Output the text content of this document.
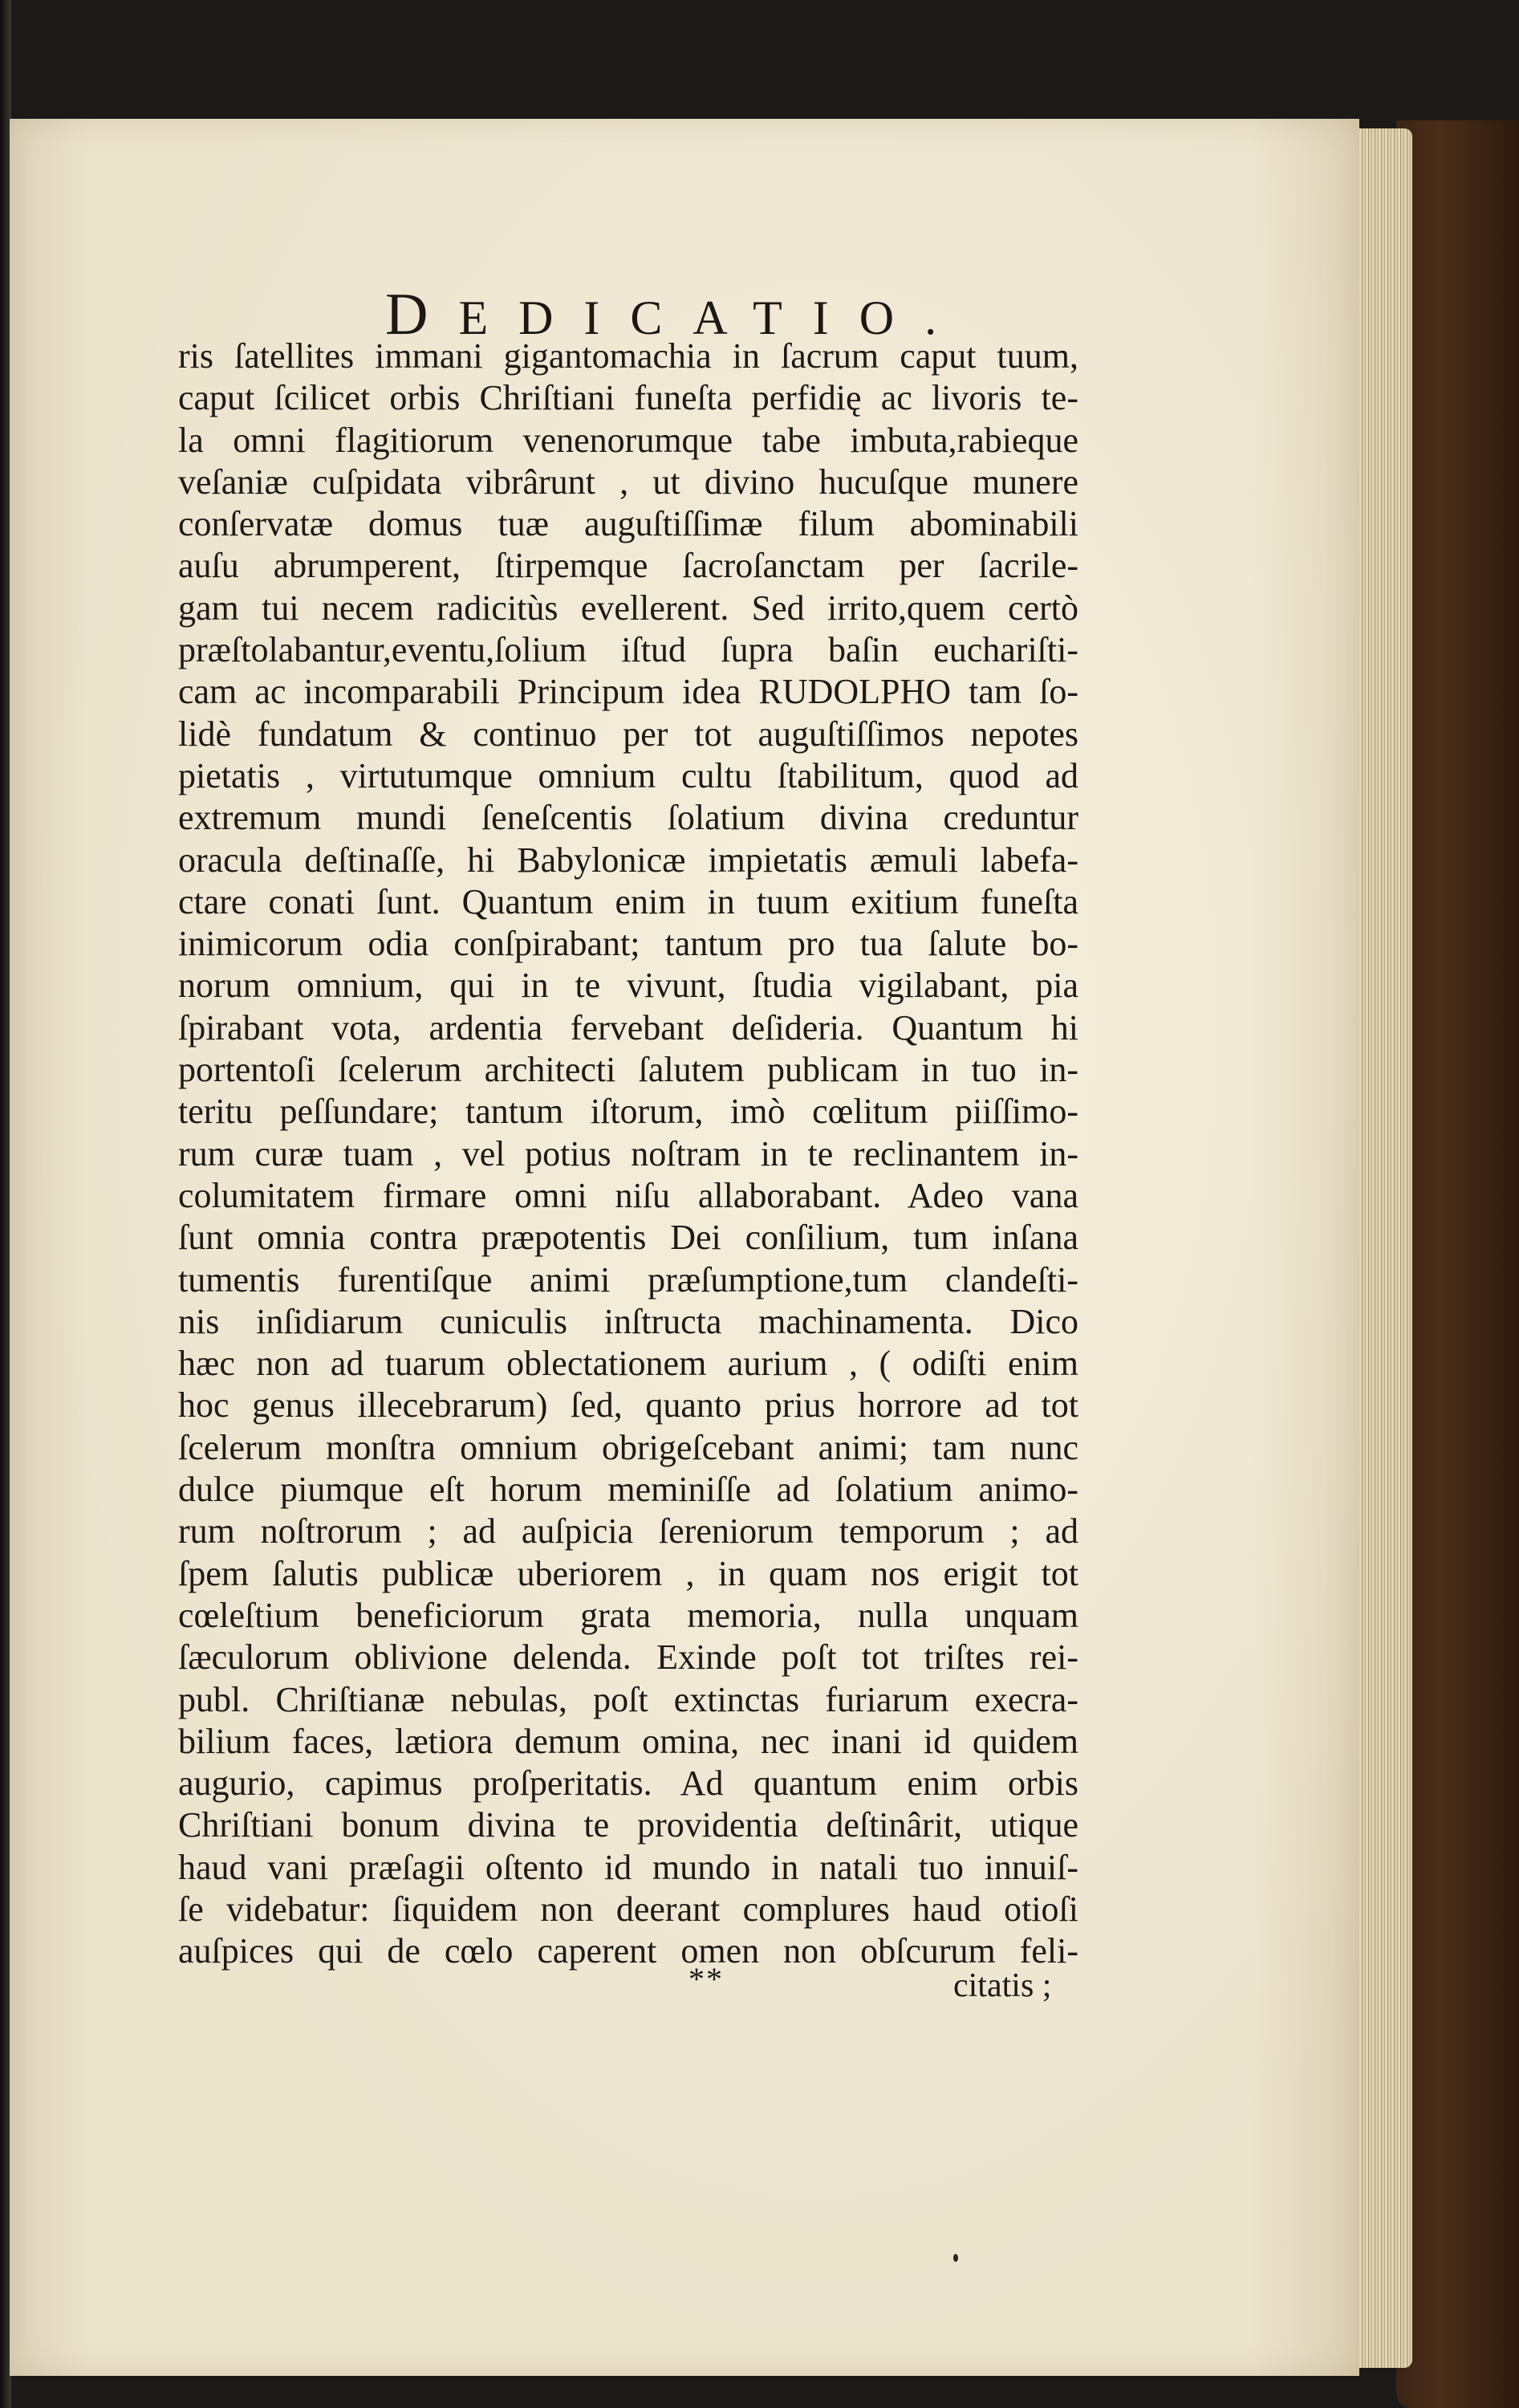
DEDICATIO.
ris ſatellites immani gigantomachia in ſacrum caput tuum,
caput ſcilicet orbis Chriſtiani funeſta perfidię ac livoris te-
la omni flagitiorum venenorumque tabe imbuta,rabieque
veſaniæ cuſpidata vibrârunt , ut divino hucuſque munere
conſervatæ domus tuæ auguſtiſſimæ filum abominabili
auſu abrumperent, ſtirpemque ſacroſanctam per ſacrile-
gam tui necem radicitùs evellerent. Sed irrito,quem certò
præſtolabantur,eventu,ſolium iſtud ſupra baſin euchariſti-
cam ac incomparabili Principum idea RUDOLPHO tam ſo-
lidè fundatum & continuo per tot auguſtiſſimos nepotes
pietatis , virtutumque omnium cultu ſtabilitum, quod ad
extremum mundi ſeneſcentis ſolatium divina creduntur
oracula deſtinaſſe, hi Babylonicæ impietatis æmuli labefa-
ctare conati ſunt. Quantum enim in tuum exitium funeſta
inimicorum odia conſpirabant; tantum pro tua ſalute bo-
norum omnium, qui in te vivunt, ſtudia vigilabant, pia
ſpirabant vota, ardentia fervebant deſideria. Quantum hi
portentoſi ſcelerum architecti ſalutem publicam in tuo in-
teritu peſſundare; tantum iſtorum, imò cœlitum piiſſimo-
rum curæ tuam , vel potius noſtram in te reclinantem in-
columitatem firmare omni niſu allaborabant. Adeo vana
ſunt omnia contra præpotentis Dei conſilium, tum inſana
tumentis furentiſque animi præſumptione,tum clandeſti-
nis inſidiarum cuniculis inſtructa machinamenta. Dico
hæc non ad tuarum oblectationem aurium , ( odiſti enim
hoc genus illecebrarum) ſed, quanto prius horrore ad tot
ſcelerum monſtra omnium obrigeſcebant animi; tam nunc
dulce piumque eſt horum meminiſſe ad ſolatium animo-
rum noſtrorum ; ad auſpicia ſereniorum temporum ; ad
ſpem ſalutis publicæ uberiorem , in quam nos erigit tot
cœleſtium beneficiorum grata memoria, nulla unquam
ſæculorum oblivione delenda. Exinde poſt tot triſtes rei-
publ. Chriſtianæ nebulas, poſt extinctas furiarum execra-
bilium faces, lætiora demum omina, nec inani id quidem
augurio, capimus proſperitatis. Ad quantum enim orbis
Chriſtiani bonum divina te providentia deſtinârit, utique
haud vani præſagii oſtento id mundo in natali tuo innuiſ-
ſe videbatur: ſiquidem non deerant complures haud otioſi
auſpices qui de cœlo caperent omen non obſcurum feli-
**	citatis ;
